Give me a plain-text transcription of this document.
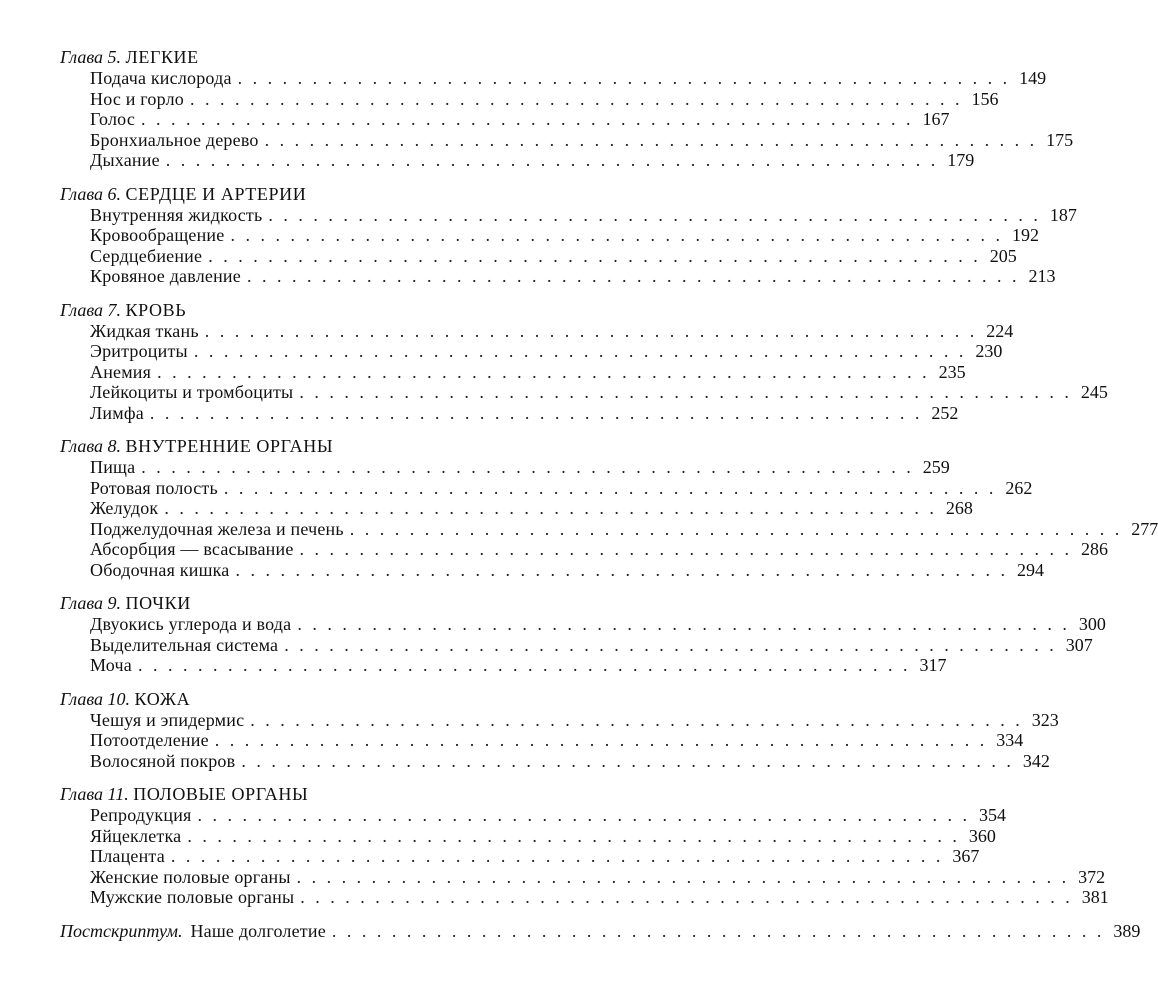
Глава 5. ЛЕГКИЕ
Подача кислорода . . . . . . . . . . . . . . . . . . . . . . . . . . . . . . . . . . . . . . . . . . . . . . . . . . . . 149
Нос и горло . . . . . . . . . . . . . . . . . . . . . . . . . . . . . . . . . . . . . . . . . . . . . . . . . . . . 156
Голос . . . . . . . . . . . . . . . . . . . . . . . . . . . . . . . . . . . . . . . . . . . . . . . . . . . . 167
Бронхиальное дерево . . . . . . . . . . . . . . . . . . . . . . . . . . . . . . . . . . . . . . . . . . . . . . . . . . . . 175
Дыхание . . . . . . . . . . . . . . . . . . . . . . . . . . . . . . . . . . . . . . . . . . . . . . . . . . . . 179
Глава 6. СЕРДЦЕ И АРТЕРИИ
Внутренняя жидкость . . . . . . . . . . . . . . . . . . . . . . . . . . . . . . . . . . . . . . . . . . . . . . . . . . . . 187
Кровообращение . . . . . . . . . . . . . . . . . . . . . . . . . . . . . . . . . . . . . . . . . . . . . . . . . . . . 192
Сердцебиение . . . . . . . . . . . . . . . . . . . . . . . . . . . . . . . . . . . . . . . . . . . . . . . . . . . . 205
Кровяное давление . . . . . . . . . . . . . . . . . . . . . . . . . . . . . . . . . . . . . . . . . . . . . . . . . . . . 213
Глава 7. КРОВЬ
Жидкая ткань . . . . . . . . . . . . . . . . . . . . . . . . . . . . . . . . . . . . . . . . . . . . . . . . . . . . 224
Эритроциты . . . . . . . . . . . . . . . . . . . . . . . . . . . . . . . . . . . . . . . . . . . . . . . . . . . . 230
Анемия . . . . . . . . . . . . . . . . . . . . . . . . . . . . . . . . . . . . . . . . . . . . . . . . . . . . 235
Лейкоциты и тромбоциты . . . . . . . . . . . . . . . . . . . . . . . . . . . . . . . . . . . . . . . . . . . . . . . . . . . . 245
Лимфа . . . . . . . . . . . . . . . . . . . . . . . . . . . . . . . . . . . . . . . . . . . . . . . . . . . . 252
Глава 8. ВНУТРЕННИЕ ОРГАНЫ
Пища . . . . . . . . . . . . . . . . . . . . . . . . . . . . . . . . . . . . . . . . . . . . . . . . . . . . 259
Ротовая полость . . . . . . . . . . . . . . . . . . . . . . . . . . . . . . . . . . . . . . . . . . . . . . . . . . . . 262
Желудок . . . . . . . . . . . . . . . . . . . . . . . . . . . . . . . . . . . . . . . . . . . . . . . . . . . . 268
Поджелудочная железа и печень . . . . . . . . . . . . . . . . . . . . . . . . . . . . . . . . . . . . . . . . . . . . . . . . . . . . 277
Абсорбция — всасывание . . . . . . . . . . . . . . . . . . . . . . . . . . . . . . . . . . . . . . . . . . . . . . . . . . . . 286
Ободочная кишка . . . . . . . . . . . . . . . . . . . . . . . . . . . . . . . . . . . . . . . . . . . . . . . . . . . . 294
Глава 9. ПОЧКИ
Двуокись углерода и вода . . . . . . . . . . . . . . . . . . . . . . . . . . . . . . . . . . . . . . . . . . . . . . . . . . . . 300
Выделительная система . . . . . . . . . . . . . . . . . . . . . . . . . . . . . . . . . . . . . . . . . . . . . . . . . . . . 307
Моча . . . . . . . . . . . . . . . . . . . . . . . . . . . . . . . . . . . . . . . . . . . . . . . . . . . . 317
Глава 10. КОЖА
Чешуя и эпидермис . . . . . . . . . . . . . . . . . . . . . . . . . . . . . . . . . . . . . . . . . . . . . . . . . . . . 323
Потоотделение . . . . . . . . . . . . . . . . . . . . . . . . . . . . . . . . . . . . . . . . . . . . . . . . . . . . 334
Волосяной покров . . . . . . . . . . . . . . . . . . . . . . . . . . . . . . . . . . . . . . . . . . . . . . . . . . . . 342
Глава 11. ПОЛОВЫЕ ОРГАНЫ
Репродукция . . . . . . . . . . . . . . . . . . . . . . . . . . . . . . . . . . . . . . . . . . . . . . . . . . . . 354
Яйцеклетка . . . . . . . . . . . . . . . . . . . . . . . . . . . . . . . . . . . . . . . . . . . . . . . . . . . . 360
Плацента . . . . . . . . . . . . . . . . . . . . . . . . . . . . . . . . . . . . . . . . . . . . . . . . . . . . 367
Женские половые органы . . . . . . . . . . . . . . . . . . . . . . . . . . . . . . . . . . . . . . . . . . . . . . . . . . . . 372
Мужские половые органы . . . . . . . . . . . . . . . . . . . . . . . . . . . . . . . . . . . . . . . . . . . . . . . . . . . . 381
Постскриптум. Наше долголетие . . . . . . . . . . . . . . . . . . . . . . . . . . . . . . . . . . . . . . . . . . . . . . . . . . . . 389
